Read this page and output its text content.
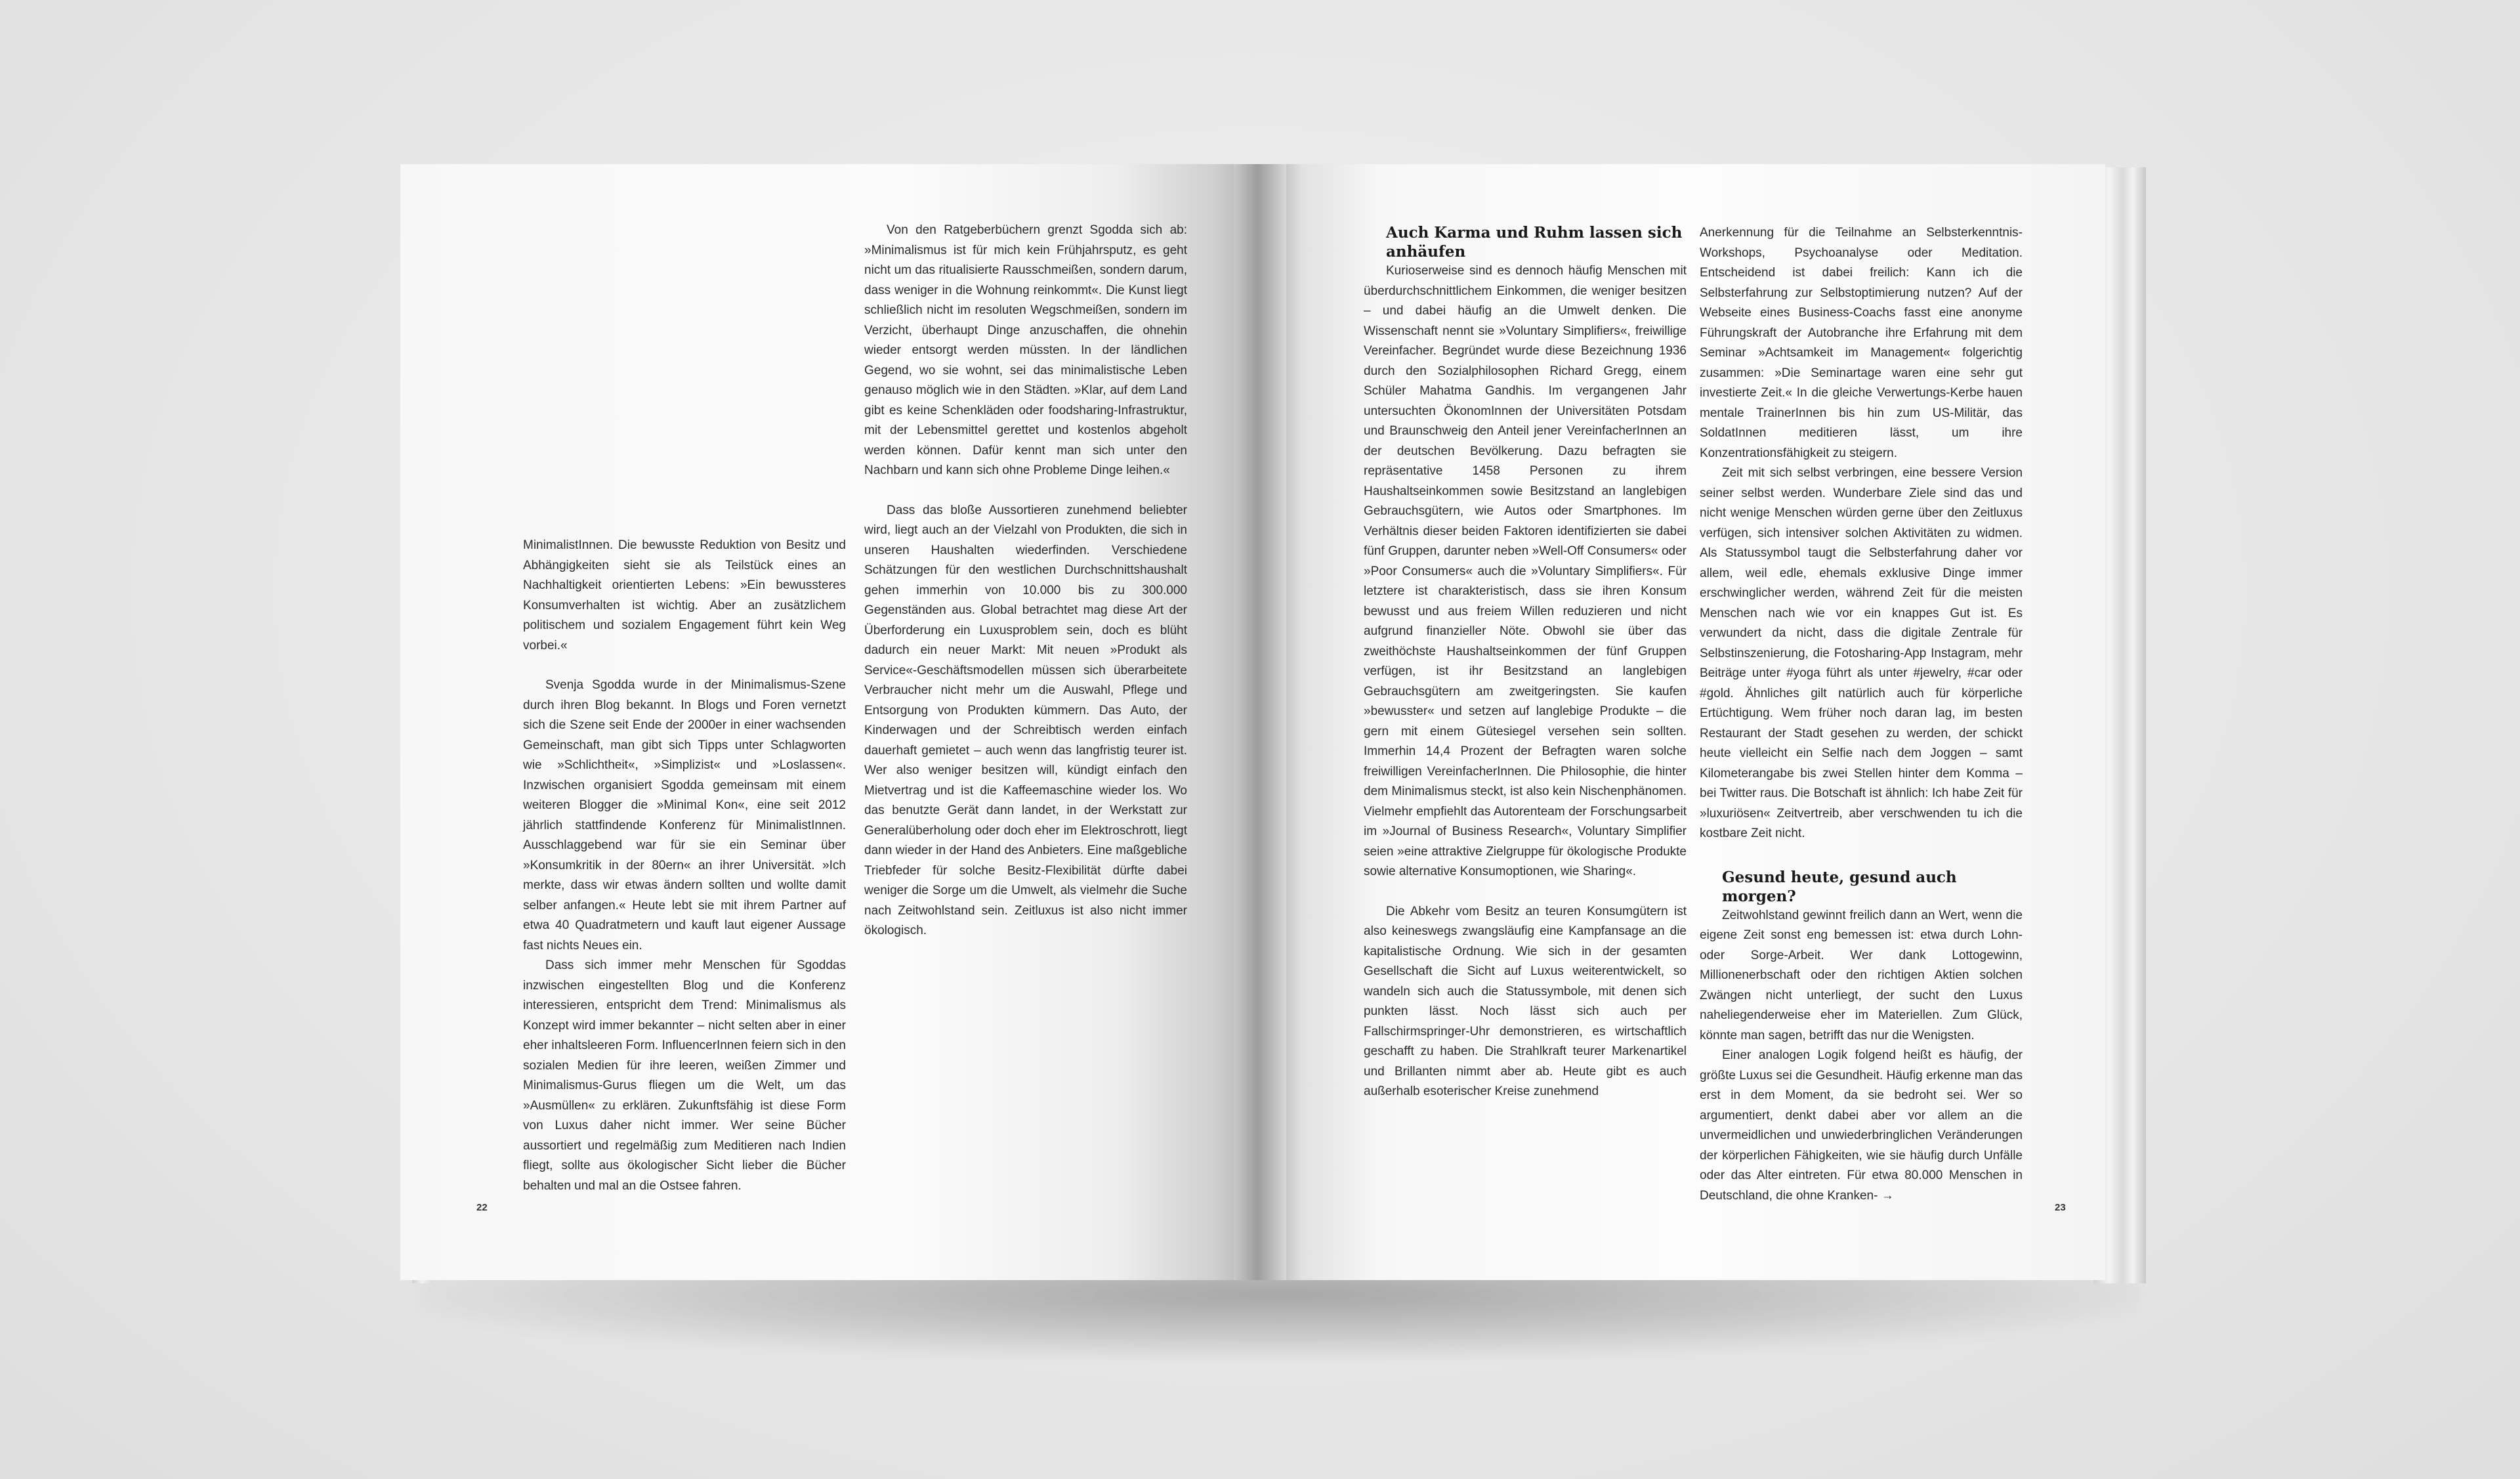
MinimalistInnen. Die bewusste Reduktion von Besitz und Abhängigkeiten sieht sie als Teilstück eines an Nachhaltigkeit orientierten Lebens: »Ein bewussteres Konsumverhalten ist wichtig. Aber an zusätzlichem politischem und sozialem Engagement führt kein Weg vorbei.«

Svenja Sgodda wurde in der Minimalismus-Szene durch ihren Blog bekannt. In Blogs und Foren vernetzt sich die Szene seit Ende der 2000er in einer wachsenden Gemeinschaft, man gibt sich Tipps unter Schlagworten wie »Schlichtheit«, »Simplizist« und »Loslassen«. Inzwischen organisiert Sgodda gemeinsam mit einem weiteren Blogger die »Minimal Kon«, eine seit 2012 jährlich stattfindende Konferenz für MinimalistInnen. Ausschlaggebend war für sie ein Seminar über »Konsumkritik in der 80ern« an ihrer Universität. »Ich merkte, dass wir etwas ändern sollten und wollte damit selber anfangen.« Heute lebt sie mit ihrem Partner auf etwa 40 Quadratmetern und kauft laut eigener Aussage fast nichts Neues ein.

Dass sich immer mehr Menschen für Sgoddas inzwischen eingestellten Blog und die Konferenz interessieren, entspricht dem Trend: Minimalismus als Konzept wird immer bekannter – nicht selten aber in einer eher inhaltsleeren Form. InfluencerInnen feiern sich in den sozialen Medien für ihre leeren, weißen Zimmer und Minimalismus-Gurus fliegen um die Welt, um das »Ausmüllen« zu erklären. Zukunftsfähig ist diese Form von Luxus daher nicht immer. Wer seine Bücher aussortiert und regelmäßig zum Meditieren nach Indien fliegt, sollte aus ökologischer Sicht lieber die Bücher behalten und mal an die Ostsee fahren.

Von den Ratgeberbüchern grenzt Sgodda sich ab: »Minimalismus ist für mich kein Frühjahrsputz, es geht nicht um das ritualisierte Rausschmeißen, sondern darum, dass weniger in die Wohnung reinkommt«. Die Kunst liegt schließlich nicht im resoluten Wegschmeißen, sondern im Verzicht, überhaupt Dinge anzuschaffen, die ohnehin wieder entsorgt werden müssten. In der ländlichen Gegend, wo sie wohnt, sei das minimalistische Leben genauso möglich wie in den Städten. »Klar, auf dem Land gibt es keine Schenkläden oder foodsharing-Infrastruktur, mit der Lebensmittel gerettet und kostenlos abgeholt werden können. Dafür kennt man sich unter den Nachbarn und kann sich ohne Probleme Dinge leihen.«

Dass das bloße Aussortieren zunehmend beliebter wird, liegt auch an der Vielzahl von Produkten, die sich in unseren Haushalten wiederfinden. Verschiedene Schätzungen für den westlichen Durchschnittshaushalt gehen immerhin von 10.000 bis zu 300.000 Gegenständen aus. Global betrachtet mag diese Art der Überforderung ein Luxusproblem sein, doch es blüht dadurch ein neuer Markt: Mit neuen »Produkt als Service«-Geschäftsmodellen müssen sich überarbeitete Verbraucher nicht mehr um die Auswahl, Pflege und Entsorgung von Produkten kümmern. Das Auto, der Kinderwagen und der Schreibtisch werden einfach dauerhaft gemietet – auch wenn das langfristig teurer ist. Wer also weniger besitzen will, kündigt einfach den Mietvertrag und ist die Kaffeemaschine wieder los. Wo das benutzte Gerät dann landet, in der Werkstatt zur Generalüberholung oder doch eher im Elektroschrott, liegt dann wieder in der Hand des Anbieters. Eine maßgebliche Triebfeder für solche Besitz-Flexibilität dürfte dabei weniger die Sorge um die Umwelt, als vielmehr die Suche nach Zeitwohlstand sein. Zeitluxus ist also nicht immer ökologisch.

22
Auch Karma und Ruhm lassen sich anhäufen

Kurioserweise sind es dennoch häufig Menschen mit überdurchschnittlichem Einkommen, die weniger besitzen – und dabei häufig an die Umwelt denken. Die Wissenschaft nennt sie »Voluntary Simplifiers«, freiwillige Vereinfacher. Begründet wurde diese Bezeichnung 1936 durch den Sozialphilosophen Richard Gregg, einem Schüler Mahatma Gandhis. Im vergangenen Jahr untersuchten ÖkonomInnen der Universitäten Potsdam und Braunschweig den Anteil jener VereinfacherInnen an der deutschen Bevölkerung. Dazu befragten sie repräsentative 1458 Personen zu ihrem Haushaltseinkommen sowie Besitzstand an langlebigen Gebrauchsgütern, wie Autos oder Smartphones. Im Verhältnis dieser beiden Faktoren identifizierten sie dabei fünf Gruppen, darunter neben »Well-Off Consumers« oder »Poor Consumers« auch die »Voluntary Simplifiers«. Für letztere ist charakteristisch, dass sie ihren Konsum bewusst und aus freiem Willen reduzieren und nicht aufgrund finanzieller Nöte. Obwohl sie über das zweithöchste Haushaltseinkommen der fünf Gruppen verfügen, ist ihr Besitzstand an langlebigen Gebrauchsgütern am zweitgeringsten. Sie kaufen »bewusster« und setzen auf langlebige Produkte – die gern mit einem Gütesiegel versehen sein sollten. Immerhin 14,4 Prozent der Befragten waren solche freiwilligen VereinfacherInnen. Die Philosophie, die hinter dem Minimalismus steckt, ist also kein Nischenphänomen. Vielmehr empfiehlt das Autorenteam der Forschungsarbeit im »Journal of Business Research«, Voluntary Simplifier seien »eine attraktive Zielgruppe für ökologische Produkte sowie alternative Konsumoptionen, wie Sharing«.

Die Abkehr vom Besitz an teuren Konsumgütern ist also keineswegs zwangsläufig eine Kampfansage an die kapitalistische Ordnung. Wie sich in der gesamten Gesellschaft die Sicht auf Luxus weiterentwickelt, so wandeln sich auch die Statussymbole, mit denen sich punkten lässt. Noch lässt sich auch per Fallschirmspringer-Uhr demonstrieren, es wirtschaftlich geschafft zu haben. Die Strahlkraft teurer Markenartikel und Brillanten nimmt aber ab. Heute gibt es auch außerhalb esoterischer Kreise zunehmend

Anerkennung für die Teilnahme an Selbsterkenntnis-Workshops, Psychoanalyse oder Meditation. Entscheidend ist dabei freilich: Kann ich die Selbsterfahrung zur Selbstoptimierung nutzen? Auf der Webseite eines Business-Coachs fasst eine anonyme Führungskraft der Autobranche ihre Erfahrung mit dem Seminar »Achtsamkeit im Management« folgerichtig zusammen: »Die Seminartage waren eine sehr gut investierte Zeit.« In die gleiche Verwertungs-Kerbe hauen mentale TrainerInnen bis hin zum US-Militär, das SoldatInnen meditieren lässt, um ihre Konzentrationsfähigkeit zu steigern.

Zeit mit sich selbst verbringen, eine bessere Version seiner selbst werden. Wunderbare Ziele sind das und nicht wenige Menschen würden gerne über den Zeitluxus verfügen, sich intensiver solchen Aktivitäten zu widmen. Als Statussymbol taugt die Selbsterfahrung daher vor allem, weil edle, ehemals exklusive Dinge immer erschwinglicher werden, während Zeit für die meisten Menschen nach wie vor ein knappes Gut ist. Es verwundert da nicht, dass die digitale Zentrale für Selbstinszenierung, die Fotosharing-App Instagram, mehr Beiträge unter #yoga führt als unter #jewelry, #car oder #gold. Ähnliches gilt natürlich auch für körperliche Ertüchtigung. Wem früher noch daran lag, im besten Restaurant der Stadt gesehen zu werden, der schickt heute vielleicht ein Selfie nach dem Joggen – samt Kilometerangabe bis zwei Stellen hinter dem Komma – bei Twitter raus. Die Botschaft ist ähnlich: Ich habe Zeit für »luxuriösen« Zeitvertreib, aber verschwenden tu ich die kostbare Zeit nicht.

Gesund heute, gesund auch morgen?

Zeitwohlstand gewinnt freilich dann an Wert, wenn die eigene Zeit sonst eng bemessen ist: etwa durch Lohn- oder Sorge-Arbeit. Wer dank Lottogewinn, Millionenerbschaft oder den richtigen Aktien solchen Zwängen nicht unterliegt, der sucht den Luxus naheliegenderweise eher im Materiellen. Zum Glück, könnte man sagen, betrifft das nur die Wenigsten.

Einer analogen Logik folgend heißt es häufig, der größte Luxus sei die Gesundheit. Häufig erkenne man das erst in dem Moment, da sie bedroht sei. Wer so argumentiert, denkt dabei aber vor allem an die unvermeidlichen und unwiederbringlichen Veränderungen der körperlichen Fähigkeiten, wie sie häufig durch Unfälle oder das Alter eintreten. Für etwa 80.000 Menschen in Deutschland, die ohne Kranken- →

23
